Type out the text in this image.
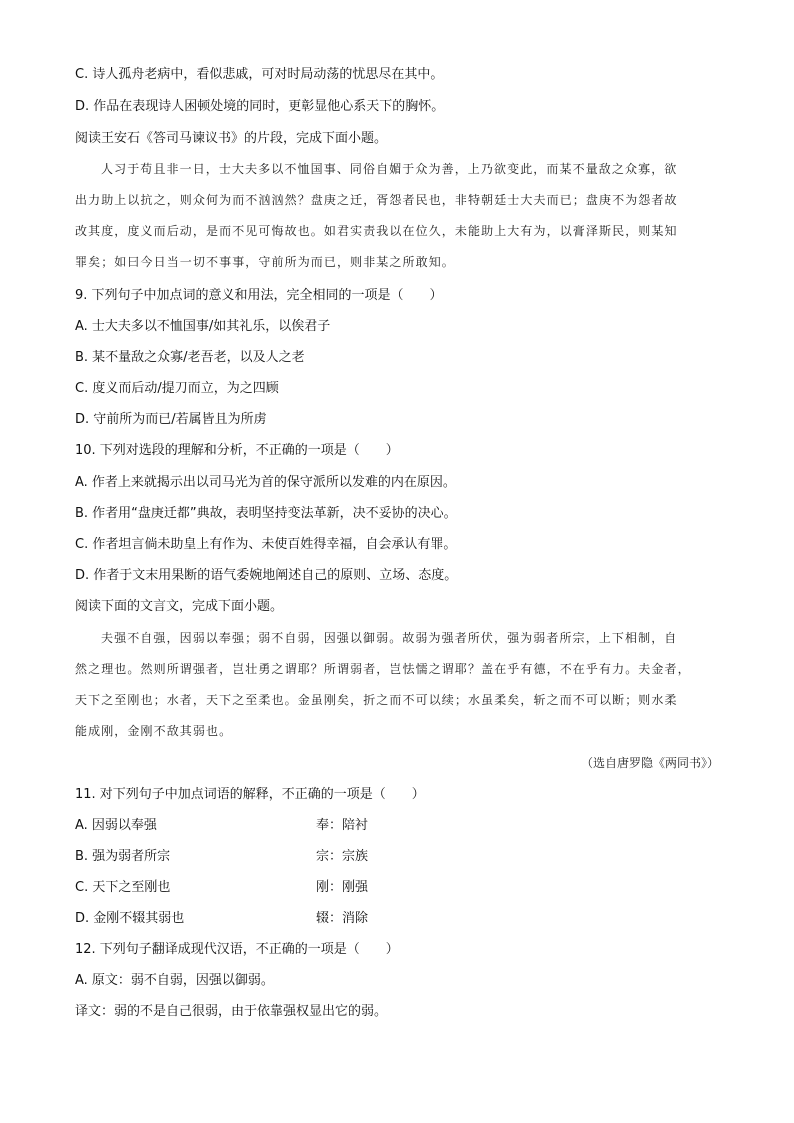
C. 诗人孤舟老病中，看似悲戚，可对时局动荡的忧思尽在其中。
D. 作品在表现诗人困顿处境的同时，更彰显他心系天下的胸怀。
阅读王安石《答司马谏议书》的片段，完成下面小题。
人习于苟且非一日，士大夫多以不恤国事、同俗自媚于众为善，上乃欲变此，而某不量敌之众寡，欲
出力助上以抗之，则众何为而不汹汹然？盘庚之迁，胥怨者民也，非特朝廷士大夫而已；盘庚不为怨者故
改其度，度义而后动，是而不见可悔故也。如君实责我以在位久，未能助上大有为，以膏泽斯民，则某知
罪矣；如曰今日当一切不事事，守前所为而已，则非某之所敢知。
9. 下列句子中加点词的意义和用法，完全相同的一项是（　　）
A. 士大夫多以不恤国事/如其礼乐，以俟君子
B. 某不量敌之众寡/老吾老，以及人之老
C. 度义而后动/提刀而立，为之四顾
D. 守前所为而已/若属皆且为所虏
10. 下列对选段的理解和分析，不正确的一项是（　　）
A. 作者上来就揭示出以司马光为首的保守派所以发难的内在原因。
B. 作者用“盘庚迁都”典故，表明坚持变法革新，决不妥协的决心。
C. 作者坦言倘未助皇上有作为、未使百姓得幸福，自会承认有罪。
D. 作者于文末用果断的语气委婉地阐述自己的原则、立场、态度。
阅读下面的文言文，完成下面小题。
夫强不自强，因弱以奉强；弱不自弱，因强以御弱。故弱为强者所伏，强为弱者所宗，上下相制，自
然之理也。然则所谓强者，岂壮勇之谓耶？所谓弱者，岂怯懦之谓耶？盖在乎有德，不在乎有力。夫金者，
天下之至刚也；水者，天下之至柔也。金虽刚矣，折之而不可以续；水虽柔矣，斩之而不可以断；则水柔
能成刚，金刚不敌其弱也。
（选自唐罗隐《两同书》）
11. 对下列句子中加点词语的解释，不正确的一项是（　　）
A. 因弱以奉强	奉：陪衬
B. 强为弱者所宗	宗：宗族
C. 天下之至刚也	刚：刚强
D. 金刚不辍其弱也	辍：消除
12. 下列句子翻译成现代汉语，不正确的一项是（　　）
A. 原文：弱不自弱，因强以御弱。
译文：弱的不是自己很弱，由于依靠强权显出它的弱。
